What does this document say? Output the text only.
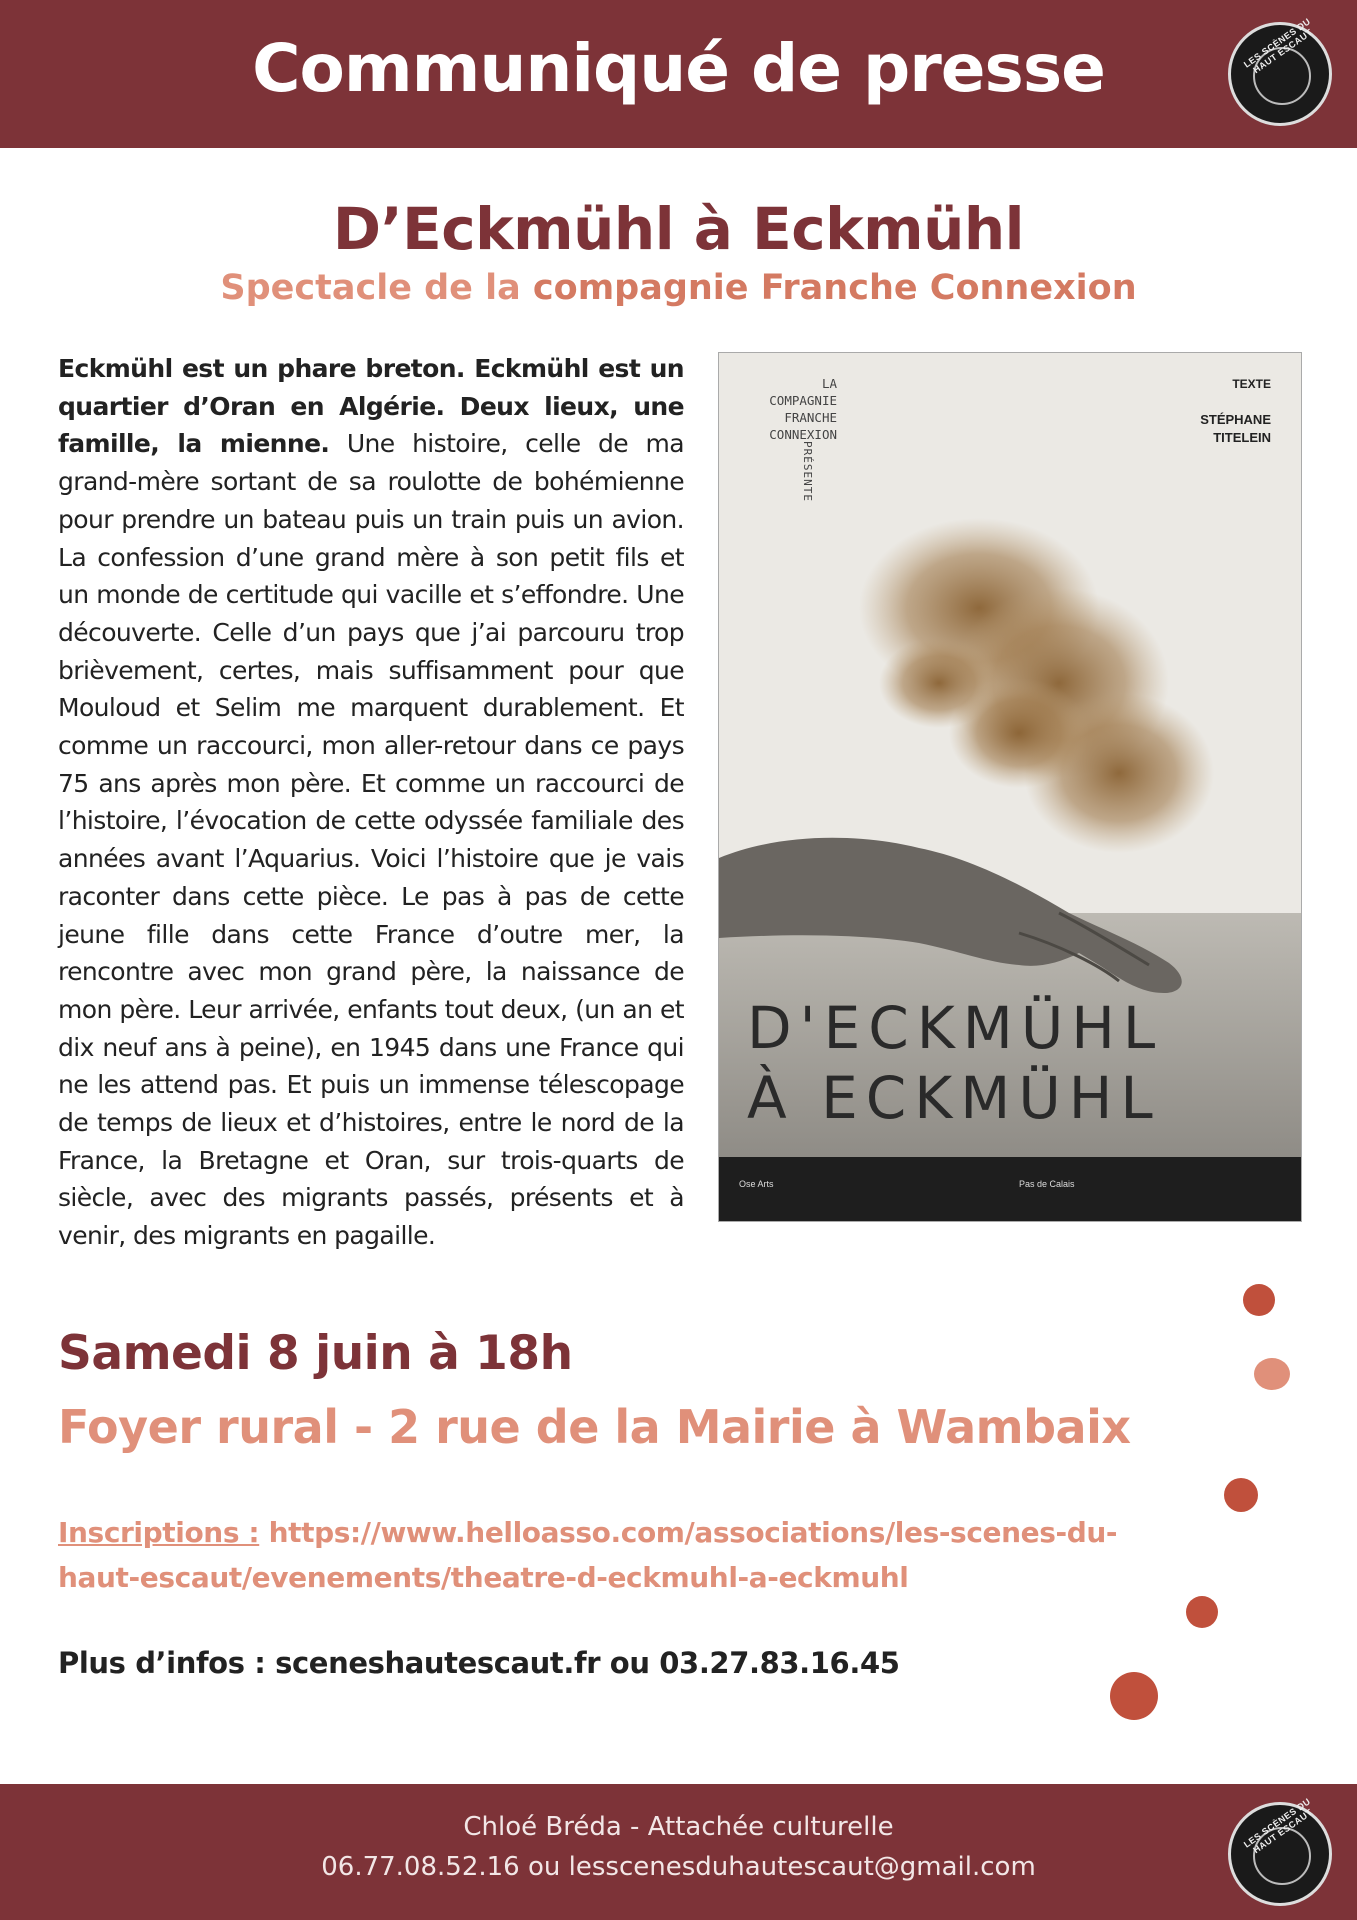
Communiqué de presse	LES SCÈNES DU HAUT ESCAUT
D’Eckmühl à Eckmühl
Spectacle de la compagnie Franche Connexion
Eckmühl est un phare breton. Eckmühl est un quartier d’Oran en Algérie. Deux lieux, une famille, la mienne. Une histoire, celle de ma grand-mère sortant de sa roulotte de bohémienne pour prendre un bateau puis un train puis un avion. La confession d’une grand mère à son petit fils et un monde de certitude qui vacille et s’effondre. Une découverte. Celle d’un pays que j’ai parcouru trop brièvement, certes, mais suffisamment pour que Mouloud et Selim me marquent durablement. Et comme un raccourci, mon aller-retour dans ce pays 75 ans après mon père. Et comme un raccourci de l’histoire, l’évocation de cette odyssée familiale des années avant l’Aquarius. Voici l’histoire que je vais raconter dans cette pièce. Le pas à pas de cette jeune fille dans cette France d’outre mer, la rencontre avec mon grand père, la naissance de mon père. Leur arrivée, enfants tout deux, (un an et dix neuf ans à peine), en 1945 dans une France qui ne les attend pas. Et puis un immense télescopage de temps de lieux et d’histoires, entre le nord de la France, la Bretagne et Oran, sur trois-quarts de siècle, avec des migrants passés, présents et à venir, des migrants en pagaille.
LA
COMPAGNIE
FRANCHE
CONNEXION
PRÉSENTE
TEXTE
STÉPHANE
TITELEIN
D'ECKMÜHL
À ECKMÜHL
Ose Arts	Pas de Calais
Samedi 8 juin à 18h
Foyer rural - 2 rue de la Mairie à Wambaix
Inscriptions : https://www.helloasso.com/associations/les-scenes-du-haut-escaut/evenements/theatre-d-eckmuhl-a-eckmuhl
Plus d’infos : sceneshautescaut.fr ou 03.27.83.16.45
Chloé Bréda - Attachée culturelle
06.77.08.52.16 ou lesscenesduhautescaut@gmail.com
LES SCÈNES DU HAUT ESCAUT
